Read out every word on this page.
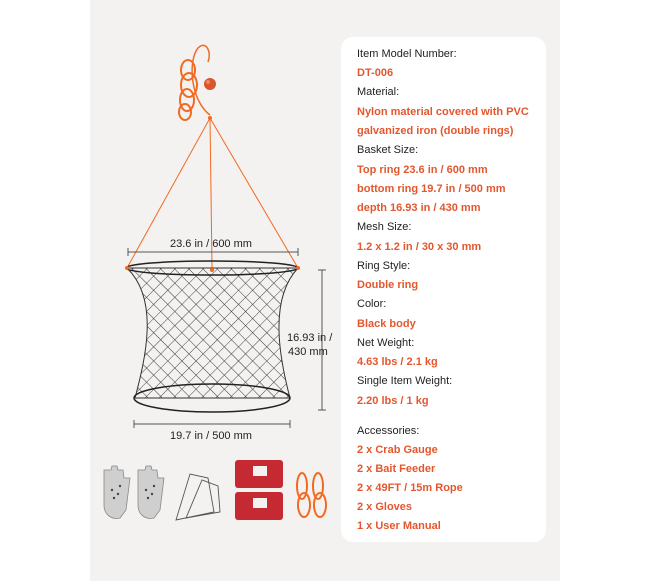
23.6 in / 600 mm
16.93 in /
430 mm
19.7 in / 500 mm
Item Model Number:
DT-006
Material:
Nylon material covered with PVC
galvanized iron (double rings)
Basket Size:
Top ring 23.6 in / 600 mm
bottom ring 19.7 in / 500 mm
depth 16.93 in / 430 mm
Mesh Size:
1.2 x 1.2 in / 30 x 30 mm
Ring Style:
Double ring
Color:
Black body
Net Weight:
4.63 lbs / 2.1 kg
Single Item Weight:
2.20 lbs / 1 kg
Accessories:
2 x Crab Gauge
2 x Bait Feeder
2 x 49FT / 15m Rope
2 x Gloves
1 x User Manual
